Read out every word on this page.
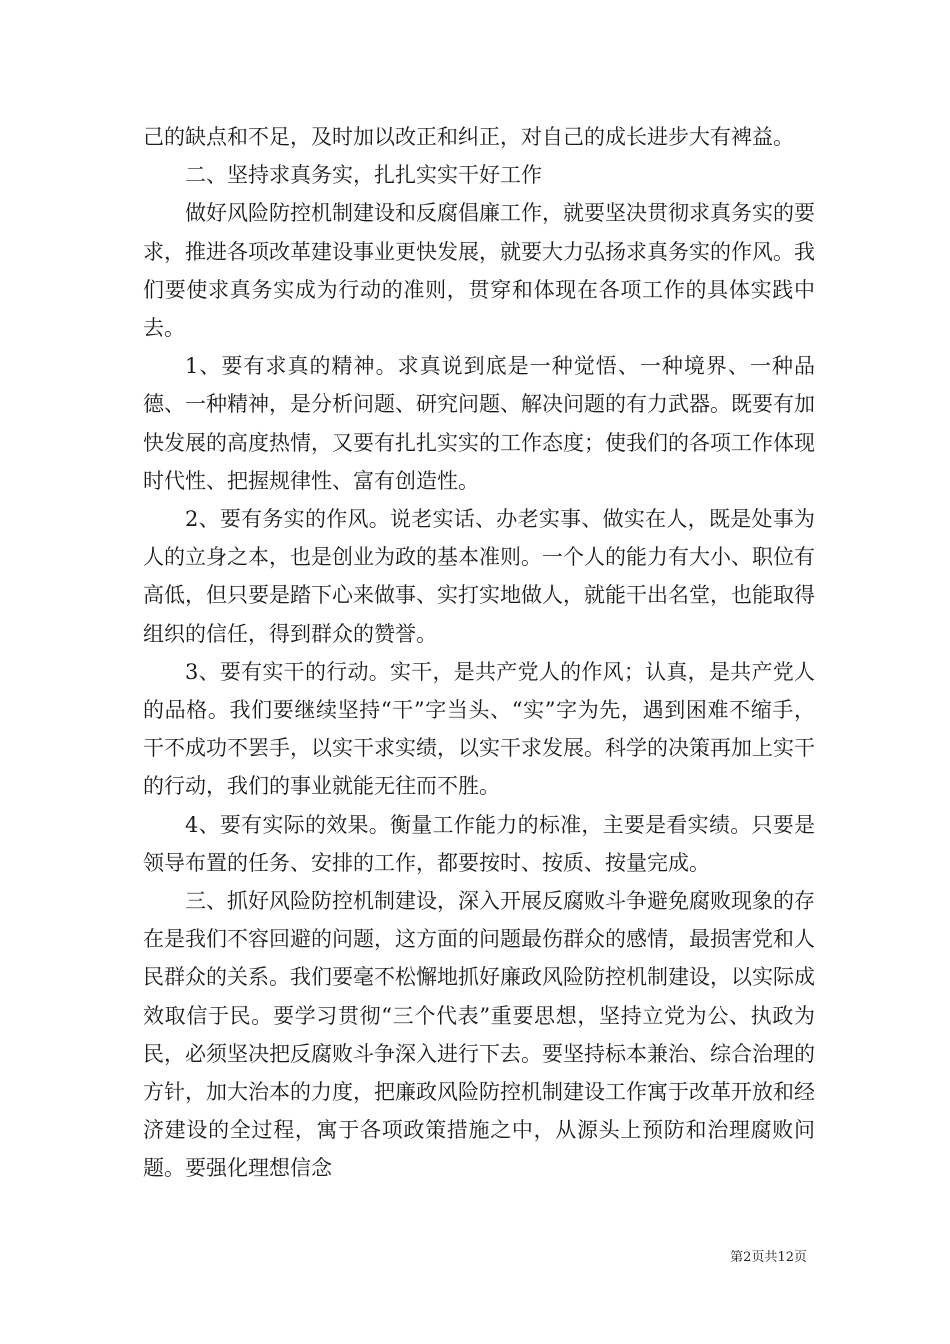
己的缺点和不足，及时加以改正和纠正，对自己的成长进步大有裨益。

二、坚持求真务实，扎扎实实干好工作

做好风险防控机制建设和反腐倡廉工作，就要坚决贯彻求真务实的要求，推进各项改革建设事业更快发展，就要大力弘扬求真务实的作风。我们要使求真务实成为行动的准则，贯穿和体现在各项工作的具体实践中去。

1、要有求真的精神。求真说到底是一种觉悟、一种境界、一种品德、一种精神，是分析问题、研究问题、解决问题的有力武器。既要有加快发展的高度热情，又要有扎扎实实的工作态度；使我们的各项工作体现时代性、把握规律性、富有创造性。

2、要有务实的作风。说老实话、办老实事、做实在人，既是处事为人的立身之本，也是创业为政的基本准则。一个人的能力有大小、职位有高低，但只要是踏下心来做事、实打实地做人，就能干出名堂，也能取得组织的信任，得到群众的赞誉。

3、要有实干的行动。实干，是共产党人的作风；认真，是共产党人的品格。我们要继续坚持“干”字当头、“实”字为先，遇到困难不缩手，干不成功不罢手，以实干求实绩，以实干求发展。科学的决策再加上实干的行动，我们的事业就能无往而不胜。

4、要有实际的效果。衡量工作能力的标准，主要是看实绩。只要是领导布置的任务、安排的工作，都要按时、按质、按量完成。

三、抓好风险防控机制建设，深入开展反腐败斗争避免腐败现象的存在是我们不容回避的问题，这方面的问题最伤群众的感情，最损害党和人民群众的关系。我们要毫不松懈地抓好廉政风险防控机制建设，以实际成效取信于民。要学习贯彻“三个代表”重要思想，坚持立党为公、执政为民，必须坚决把反腐败斗争深入进行下去。要坚持标本兼治、综合治理的方针，加大治本的力度，把廉政风险防控机制建设工作寓于改革开放和经济建设的全过程，寓于各项政策措施之中，从源头上预防和治理腐败问题。要强化理想信念

第2页共12页
